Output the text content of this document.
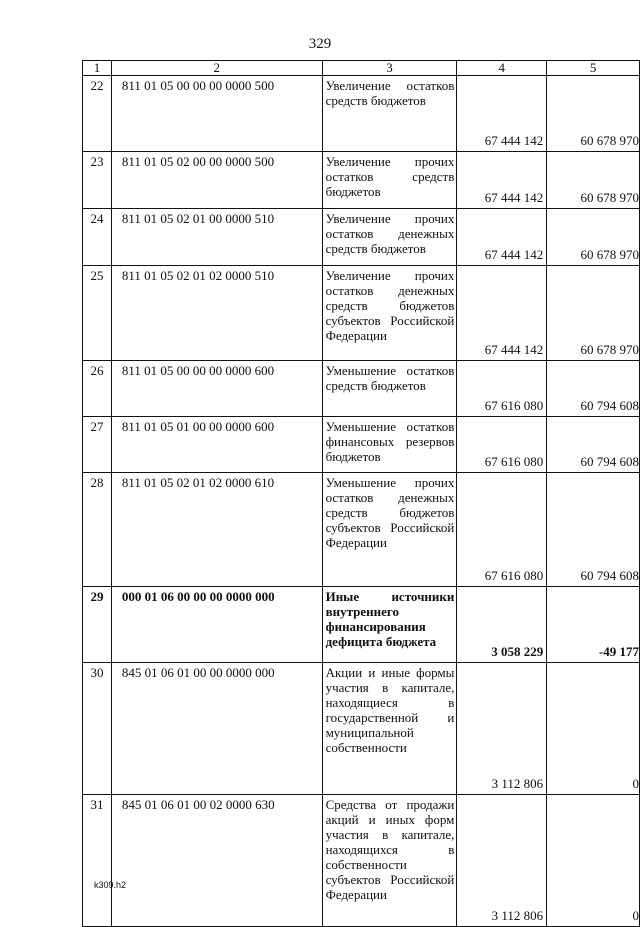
329
1	2	3	4	5
22	811 01 05 00 00 00 0000 500	Увеличение остатков средств бюджетов	67 444 142	60 678 970
23	811 01 05 02 00 00 0000 500	Увеличение прочих остатков средств бюджетов	67 444 142	60 678 970
24	811 01 05 02 01 00 0000 510	Увеличение прочих остатков денежных средств бюджетов	67 444 142	60 678 970
25	811 01 05 02 01 02 0000 510	Увеличение прочих остатков денежных средств бюджетов субъектов Российской Федерации	67 444 142	60 678 970
26	811 01 05 00 00 00 0000 600	Уменьшение остатков средств бюджетов	67 616 080	60 794 608
27	811 01 05 01 00 00 0000 600	Уменьшение остатков финансовых резервов бюджетов	67 616 080	60 794 608
28	811 01 05 02 01 02 0000 610	Уменьшение прочих остатков денежных средств бюджетов субъектов Российской Федерации	67 616 080	60 794 608
29	000 01 06 00 00 00 0000 000	Иные источники внутреннего финансирования дефицита бюджета	3 058 229	-49 177
30	845 01 06 01 00 00 0000 000	Акции и иные формы участия в капитале, находящиеся в государственной и муниципальной собственности	3 112 806	0
31	845 01 06 01 00 02 0000 630	Средства от продажи акций и иных форм участия в капитале, находящихся в собственности субъектов Российской Федерации	3 112 806	0
k309.h2
